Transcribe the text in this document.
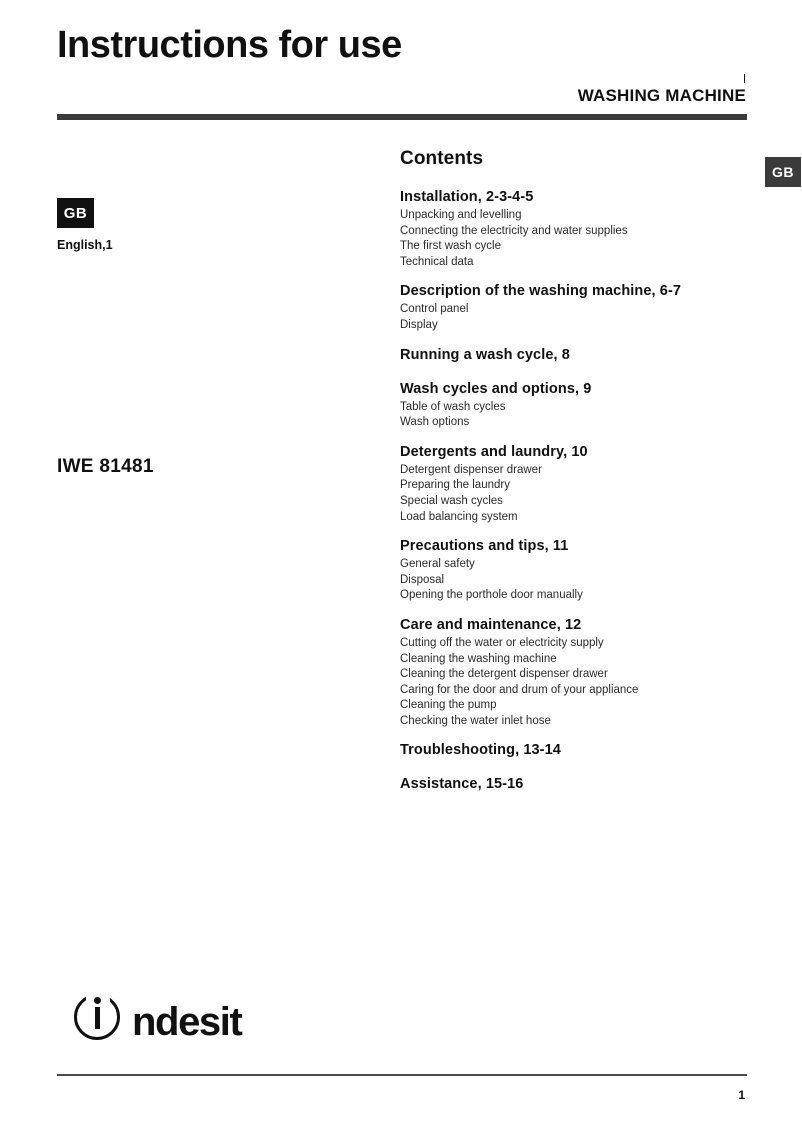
Instructions for use
WASHING MACHINE
GB
English,1
IWE 81481
GB
Contents
Installation, 2-3-4-5
Unpacking and levelling
Connecting the electricity and water supplies
The first wash cycle
Technical data
Description of the washing machine, 6-7
Control panel
Display
Running a wash cycle, 8
Wash cycles and options, 9
Table of wash cycles
Wash options
Detergents and laundry, 10
Detergent dispenser drawer
Preparing the laundry
Special wash cycles
Load balancing system
Precautions and tips, 11
General safety
Disposal
Opening the porthole door manually
Care and maintenance, 12
Cutting off the water or electricity supply
Cleaning the washing machine
Cleaning the detergent dispenser drawer
Caring for the door and drum of your appliance
Cleaning the pump
Checking the water inlet hose
Troubleshooting, 13-14
Assistance, 15-16
ndesit
1
